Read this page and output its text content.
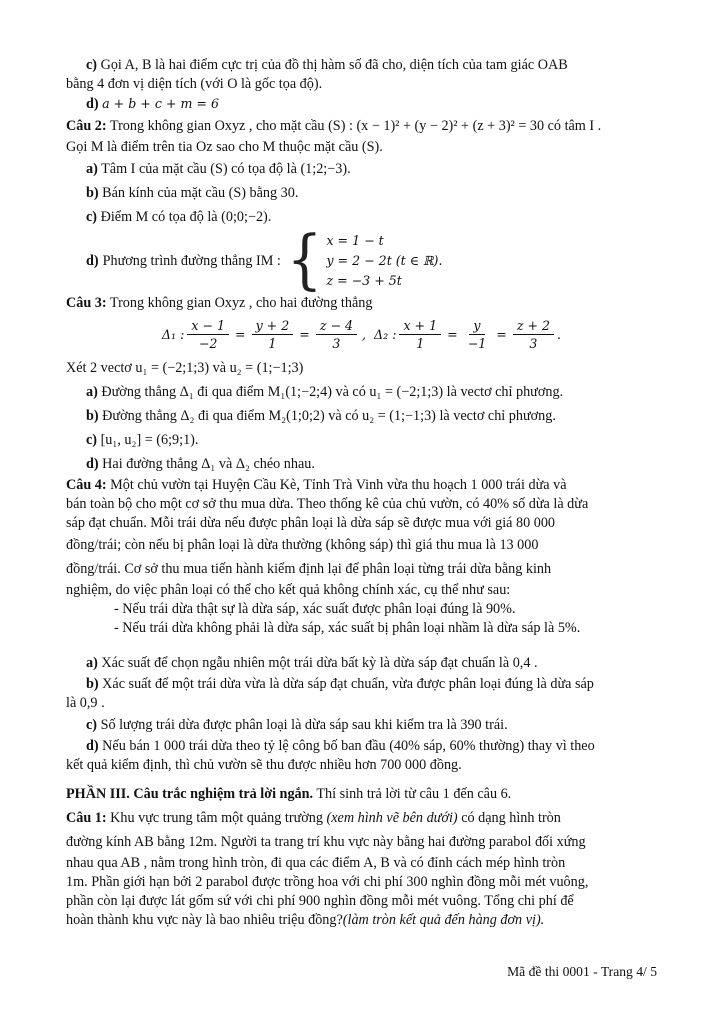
c) Gọi A, B là hai điểm cực trị của đồ thị hàm số đã cho, diện tích của tam giác OAB
bằng 4 đơn vị diện tích (với O là gốc tọa độ).
d) a + b + c + m = 6
Câu 2: Trong không gian Oxyz , cho mặt cầu (S) : (x − 1)² + (y − 2)² + (z + 3)² = 30 có tâm I .
Gọi M là điểm trên tia Oz sao cho M thuộc mặt cầu (S).
a) Tâm I của mặt cầu (S) có tọa độ là (1;2;−3).
b) Bán kính của mặt cầu (S) bằng 30.
c) Điểm M có tọa độ là (0;0;−2).
d) Phương trình đường thẳng IM : { x = 1 − t
y = 2 − 2t (t ∈ ℝ).
z = −3 + 5t
Câu 3: Trong không gian Oxyz , cho hai đường thẳng
Δ₁ : $\frac{x - 1}{-2} = \frac{y + 2}{1} = \frac{z - 4}{3}$ , Δ₂ : $\frac{x + 1}{1} = \frac{y}{-1} = \frac{z + 2}{3}$ .
Xét 2 vectơ u₁ = (−2;1;3) và u₂ = (1;−1;3)
a) Đường thẳng Δ₁ đi qua điểm M₁(1;−2;4) và có u₁ = (−2;1;3) là vectơ chỉ phương.
b) Đường thẳng Δ₂ đi qua điểm M₂(1;0;2) và có u₂ = (1;−1;3) là vectơ chỉ phương.
c) [u₁, u₂] = (6;9;1).
d) Hai đường thẳng Δ₁ và Δ₂ chéo nhau.
Câu 4: Một chủ vườn tại Huyện Cầu Kè, Tỉnh Trà Vinh vừa thu hoạch 1 000 trái dừa và
bán toàn bộ cho một cơ sở thu mua dừa. Theo thống kê của chủ vườn, có 40% số dừa là dừa
sáp đạt chuẩn. Mỗi trái dừa nếu được phân loại là dừa sáp sẽ được mua với giá 80 000
đồng/trái; còn nếu bị phân loại là dừa thường (không sáp) thì giá thu mua là 13 000
đồng/trái. Cơ sở thu mua tiến hành kiểm định lại để phân loại từng trái dừa bằng kinh
nghiệm, do việc phân loại có thể cho kết quả không chính xác, cụ thể như sau:
- Nếu trái dừa thật sự là dừa sáp, xác suất được phân loại đúng là 90%.
- Nếu trái dừa không phải là dừa sáp, xác suất bị phân loại nhầm là dừa sáp là 5%.
a) Xác suất để chọn ngẫu nhiên một trái dừa bất kỳ là dừa sáp đạt chuẩn là 0,4 .
b) Xác suất để một trái dừa vừa là dừa sáp đạt chuẩn, vừa được phân loại đúng là dừa sáp
là 0,9 .
c) Số lượng trái dừa được phân loại là dừa sáp sau khi kiểm tra là 390 trái.
d) Nếu bán 1 000 trái dừa theo tỷ lệ công bố ban đầu (40% sáp, 60% thường) thay vì theo
kết quả kiểm định, thì chủ vườn sẽ thu được nhiều hơn 700 000 đồng.
PHẦN III. Câu trắc nghiệm trả lời ngắn. Thí sinh trả lời từ câu 1 đến câu 6.
Câu 1: Khu vực trung tâm một quảng trường (xem hình vẽ bên dưới) có dạng hình tròn
đường kính AB bằng 12m. Người ta trang trí khu vực này bằng hai đường parabol đối xứng
nhau qua AB , nằm trong hình tròn, đi qua các điểm A, B và có đỉnh cách mép hình tròn
1m. Phần giới hạn bởi 2 parabol được trồng hoa với chi phí 300 nghìn đồng mỗi mét vuông,
phần còn lại được lát gốm sứ với chi phí 900 nghìn đồng mỗi mét vuông. Tổng chi phí để
hoàn thành khu vực này là bao nhiêu triệu đồng?(làm tròn kết quả đến hàng đơn vị).
Mã đề thi 0001 - Trang 4/ 5
